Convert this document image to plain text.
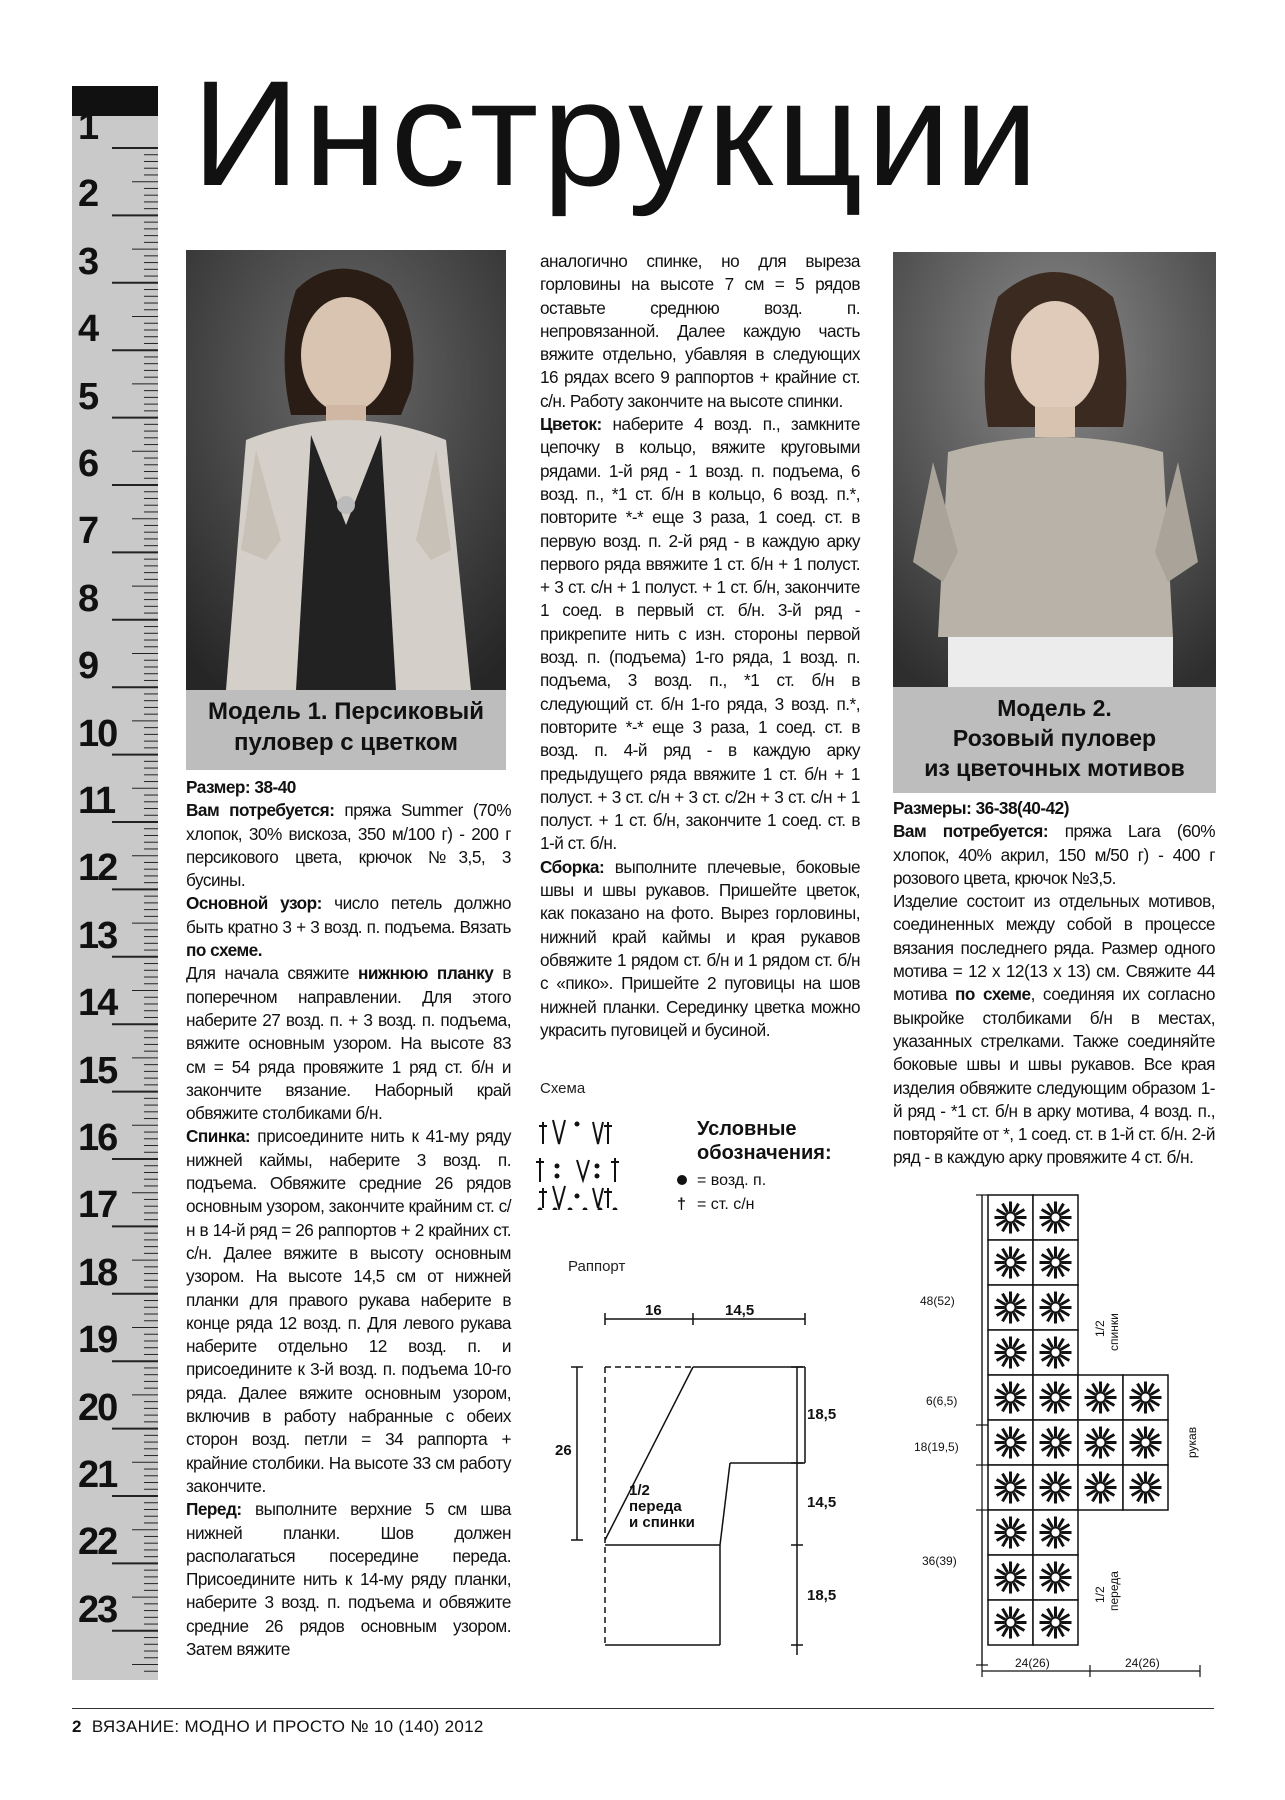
1
2
3
4
5
6
7
8
9
10
11
12
13
14
15
16
17
18
19
20
21
22
23
Инструкции
Модель 1. Персиковый
пуловер с цветком
Модель 2.
Розовый пуловер
из цветочных мотивов

Размер: 38-40

Вам потребуется: пряжа Summer (70% хлопок, 30% вискоза, 350 м/100 г) - 200 г персикового цвета, крючок №3,5, 3 бусины.

Основной узор: число петель должно быть кратно 3 + 3 возд. п. подъема. Вязать по схеме.

Для начала свяжите нижнюю планку в поперечном направлении. Для этого наберите 27 возд. п. + 3 возд. п. подъема, вяжите основным узором. На высоте 83 см = 54 ряда провяжите 1 ряд ст. б/н и закончите вязание. Наборный край обвяжите столбиками б/н.

Спинка: присоедините нить к 41-му ряду нижней каймы, наберите 3 возд. п. подъема. Обвяжите средние 26 рядов основным узором, закончите крайним ст. с/н в 14-й ряд = 26 раппортов + 2 крайних ст. с/н. Далее вяжите в высоту основным узором. На высоте 14,5 см от нижней планки для правого рукава наберите в конце ряда 12 возд. п. Для левого рукава наберите отдельно 12 возд. п. и присоедините к 3-й возд. п. подъема 10-го ряда. Далее вяжите основным узором, включив в работу набранные с обеих сторон возд. петли = 34 раппорта + крайние столбики. На высоте 33 см работу закончите.

Перед: выполните верхние 5 см шва нижней планки. Шов должен располагаться посередине переда. Присоедините нить к 14-му ряду планки, наберите 3 возд. п. подъема и обвяжите средние 26 рядов основным узором. Затем вяжите

аналогично спинке, но для выреза горловины на высоте 7 см = 5 рядов оставьте среднюю возд. п. непровязанной. Далее каждую часть вяжите отдельно, убавляя в следующих 16 рядах всего 9 раппортов + крайние ст. с/н. Работу закончите на высоте спинки.

Цветок: наберите 4 возд. п., замкните цепочку в кольцо, вяжите круговыми рядами. 1-й ряд - 1 возд. п. подъема, 6 возд. п., *1 ст. б/н в кольцо, 6 возд. п.*, повторите *-* еще 3 раза, 1 соед. ст. в первую возд. п. 2-й ряд - в каждую арку первого ряда ввяжите 1 ст. б/н + 1 полуст. + 3 ст. с/н + 1 полуст. + 1 ст. б/н, закончите 1 соед. в первый ст. б/н. 3-й ряд - прикрепите нить с изн. стороны первой возд. п. (подъема) 1-го ряда, 1 возд. п. подъема, 3 возд. п., *1 ст. б/н в следующий ст. б/н 1-го ряда, 3 возд. п.*, повторите *-* еще 3 раза, 1 соед. ст. в возд. п. 4-й ряд - в каждую арку предыдущего ряда ввяжите 1 ст. б/н + 1 полуст. + 3 ст. с/н + 3 ст. с/2н + 3 ст. с/н + 1 полуст. + 1 ст. б/н, закончите 1 соед. ст. в 1-й ст. б/н.

Сборка: выполните плечевые, боковые швы и швы рукавов. Пришейте цветок, как показано на фото. Вырез горловины, нижний край каймы и края рукавов обвяжите 1 рядом ст. б/н и 1 рядом ст. б/н с «пико». Пришейте 2 пуговицы на шов нижней планки. Серединку цветка можно украсить пуговицей и бусиной.

Схема
Раппорт
Условные
обозначения:
= возд. п.
† = ст. с/н
16	14,5
26
18,5
14,5
18,5
1/2
переда
и спинки

Размеры: 36-38(40-42)

Вам потребуется: пряжа Lara (60% хлопок, 40% акрил, 150 м/50 г) - 400 г розового цвета, крючок №3,5.

Изделие состоит из отдельных мотивов, соединенных между собой в процессе вязания последнего ряда. Размер одного мотива = 12 х 12(13 х 13) см. Свяжите 44 мотива по схеме, соединяя их согласно выкройке столбиками б/н в местах, указанных стрелками. Также соединяйте боковые швы и швы рукавов. Все края изделия обвяжите следующим образом 1-й ряд - *1 ст. б/н в арку мотива, 4 возд. п., повторяйте от *, 1 соед. ст. в 1-й ст. б/н. 2-й ряд - в каждую арку провяжите 4 ст. б/н.

48(52)
6(6,5)
18(19,5)
36(39)
24(26)	24(26)
1/2 спинки
рукав
1/2 переда
2 ВЯЗАНИЕ: МОДНО И ПРОСТО № 10 (140) 2012
